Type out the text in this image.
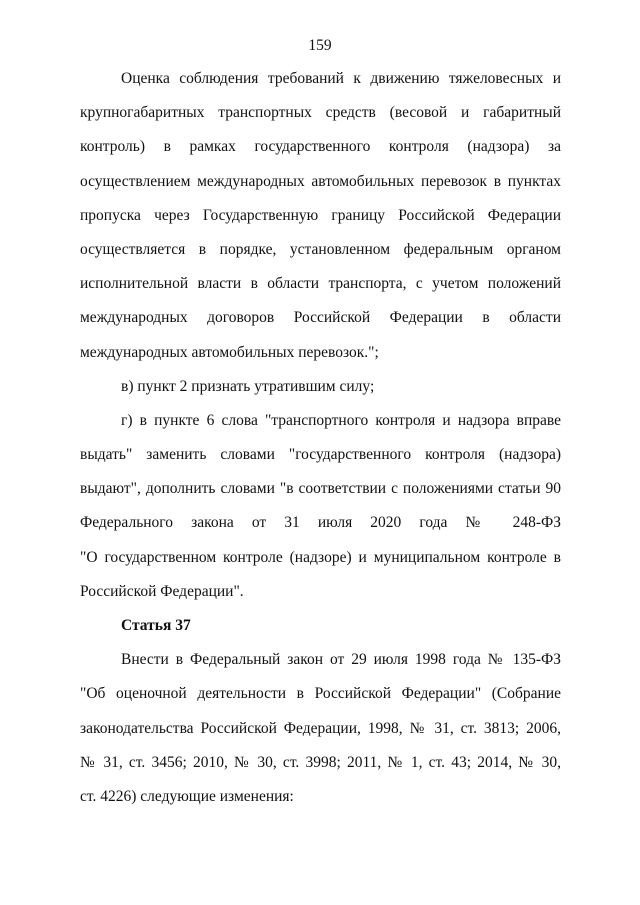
159
Оценка соблюдения требований к движению тяжеловесных и
крупногабаритных транспортных средств (весовой и габаритный
контроль) в рамках государственного контроля (надзора) за
осуществлением международных автомобильных перевозок в пунктах
пропуска через Государственную границу Российской Федерации
осуществляется в порядке, установленном федеральным органом
исполнительной власти в области транспорта, с учетом положений
международных договоров Российской Федерации в области
международных автомобильных перевозок.";
в) пункт 2 признать утратившим силу;
г) в пункте 6 слова "транспортного контроля и надзора вправе
выдать" заменить словами "государственного контроля (надзора)
выдают", дополнить словами "в соответствии с положениями статьи 90
Федерального закона от 31 июля 2020 года № 248-ФЗ
"О государственном контроле (надзоре) и муниципальном контроле в
Российской Федерации".
Статья 37
Внести в Федеральный закон от 29 июля 1998 года № 135-ФЗ
"Об оценочной деятельности в Российской Федерации" (Собрание
законодательства Российской Федерации, 1998, № 31, ст. 3813; 2006,
№ 31, ст. 3456; 2010, № 30, ст. 3998; 2011, № 1, ст. 43; 2014, № 30,
ст. 4226) следующие изменения:
